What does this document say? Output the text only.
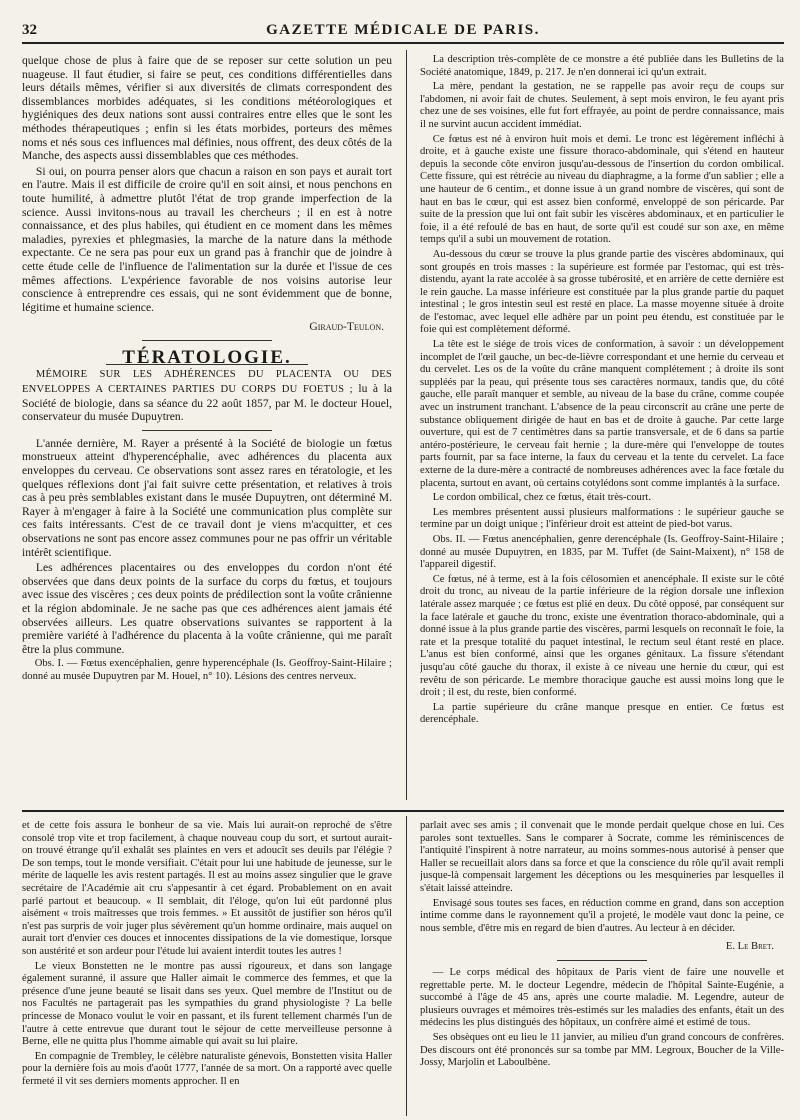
32	GAZETTE MÉDICALE DE PARIS.

quelque chose de plus à faire que de se reposer sur cette solution un peu nuageuse. Il faut étudier, si faire se peut, ces conditions différentielles dans leurs détails mêmes, vérifier si aux diversités de climats correspondent des dissemblances morbides adéquates, si les conditions météorologiques et hygiéniques des deux nations sont aussi contraires entre elles que le sont les méthodes thérapeutiques ; enfin si les états morbides, porteurs des mêmes noms et nés sous ces influences mal définies, nous offrent, des deux côtés de la Manche, des aspects aussi dissemblables que ces méthodes.

Si oui, on pourra penser alors que chacun a raison en son pays et aurait tort en l'autre. Mais il est difficile de croire qu'il en soit ainsi, et nous penchons en toute humilité, à admettre plutôt l'état de trop grande imperfection de la science. Aussi invitons-nous au travail les chercheurs ; il en est à notre connaissance, et des plus habiles, qui étudient en ce moment dans les mêmes maladies, pyrexies et phlegmasies, la marche de la nature dans la méthode expectante. Ce ne sera pas pour eux un grand pas à franchir que de joindre à cette étude celle de l'influence de l'alimentation sur la durée et l'issue de ces mêmes affections. L'expérience favorable de nos voisins autorise leur conscience à entreprendre ces essais, qui ne sont évidemment que de bonne, légitime et humaine science.

Giraud-Teulon.

TÉRATOLOGIE.

MÉMOIRE SUR LES ADHÉRENCES DU PLACENTA OU DES ENVELOPPES A CERTAINES PARTIES DU CORPS DU FOETUS ; lu à la Société de biologie, dans sa séance du 22 août 1857, par M. le docteur Houel, conservateur du musée Dupuytren.

L'année dernière, M. Rayer a présenté à la Société de biologie un fœtus monstrueux atteint d'hyperencéphalie, avec adhérences du placenta aux enveloppes du cerveau. Ce observations sont assez rares en tératologie, et les quelques réflexions dont j'ai fait suivre cette présentation, et relatives à trois cas à peu près semblables existant dans le musée Dupuytren, ont déterminé M. Rayer à m'engager à faire à la Société une communication plus complète sur ces faits intéressants. C'est de ce travail dont je viens m'acquitter, et ces observations ne sont pas encore assez communes pour ne pas offrir un véritable intérêt scientifique.

Les adhérences placentaires ou des enveloppes du cordon n'ont été observées que dans deux points de la surface du corps du fœtus, et toujours avec issue des viscères ; ces deux points de prédilection sont la voûte crânienne et la région abdominale. Je ne sache pas que ces adhérences aient jamais été observées ailleurs. Les quatre observations suivantes se rapportent à la première variété à l'adhérence du placenta à la voûte crânienne, qui me paraît être la plus commune.

Obs. I. — Fœtus exencéphalien, genre hyperencéphale (Is. Geoffroy-Saint-Hilaire ; donné au musée Dupuytren par M. Houel, n° 10). Lésions des centres nerveux.

La description très-complète de ce monstre a été publiée dans les Bulletins de la Société anatomique, 1849, p. 217. Je n'en donnerai ici qu'un extrait.

La mère, pendant la gestation, ne se rappelle pas avoir reçu de coups sur l'abdomen, ni avoir fait de chutes. Seulement, à sept mois environ, le feu ayant pris chez une de ses voisines, elle fut fort effrayée, au point de perdre connaissance, mais il ne survint aucun accident immédiat.

Ce fœtus est né à environ huit mois et demi. Le tronc est légèrement infléchi à droite, et à gauche existe une fissure thoraco-abdominale, qui s'étend en hauteur depuis la seconde côte environ jusqu'au-dessous de l'insertion du cordon ombilical. Cette fissure, qui est rétrécie au niveau du diaphragme, a la forme d'un sablier ; elle a une hauteur de 6 centim., et donne issue à un grand nombre de viscères, qui sont de haut en bas le cœur, qui est assez bien conformé, enveloppé de son péricarde. Par suite de la pression que lui ont fait subir les viscères abdominaux, et en particulier le foie, il a été refoulé de bas en haut, de sorte qu'il est coudé sur son axe, en même temps qu'il a subi un mouvement de rotation.

Au-dessous du cœur se trouve la plus grande partie des viscères abdominaux, qui sont groupés en trois masses : la supérieure est formée par l'estomac, qui est très-distendu, ayant la rate accolée à sa grosse tubérosité, et en arrière de cette dernière est le rein gauche. La masse inférieure est constituée par la plus grande partie du paquet intestinal ; le gros intestin seul est resté en place. La masse moyenne située à droite de l'estomac, avec lequel elle adhère par un point peu étendu, est constituée par le foie qui est complètement déformé.

La tête est le siége de trois vices de conformation, à savoir : un développement incomplet de l'œil gauche, un bec-de-lièvre correspondant et une hernie du cerveau et du cervelet. Les os de la voûte du crâne manquent complétement ; à droite ils sont suppléés par la peau, qui présente tous ses caractères normaux, tandis que, du côté gauche, elle paraît manquer et semble, au niveau de la base du crâne, comme coupée avec un instrument tranchant. L'absence de la peau circonscrit au crâne une perte de substance obliquement dirigée de haut en bas et de droite à gauche. Par cette large ouverture, qui est de 7 centimètres dans sa partie transversale, et de 6 dans sa partie antéro-postérieure, le cerveau fait hernie ; la dure-mère qui l'enveloppe de toutes parts fournit, par sa face interne, la faux du cerveau et la tente du cervelet. La face externe de la dure-mère a contracté de nombreuses adhérences avec la face fœtale du placenta, surtout en avant, où certains cotylédons sont comme implantés à la surface.

Le cordon ombilical, chez ce fœtus, était très-court.

Les membres présentent aussi plusieurs malformations : le supérieur gauche se termine par un doigt unique ; l'inférieur droit est atteint de pied-bot varus.

Obs. II. — Fœtus anencéphalien, genre derencéphale (Is. Geoffroy-Saint-Hilaire ; donné au musée Dupuytren, en 1835, par M. Tuffet (de Saint-Maixent), n° 158 de l'appareil digestif.

Ce fœtus, né à terme, est à la fois célosomien et anencéphale. Il existe sur le côté droit du tronc, au niveau de la partie inférieure de la région dorsale une inflexion latérale assez marquée ; ce fœtus est plié en deux. Du côté opposé, par conséquent sur la face latérale et gauche du tronc, existe une éventration thoraco-abdominale, qui a donné issue à la plus grande partie des viscères, parmi lesquels on reconnaît le foie, la rate et la presque totalité du paquet intestinal, le rectum seul étant resté en place. L'anus est bien conformé, ainsi que les organes génitaux. La fissure s'étendant jusqu'au côté gauche du thorax, il existe à ce niveau une hernie du cœur, qui est revêtu de son péricarde. Le membre thoracique gauche est aussi moins long que le droit ; il est, du reste, bien conformé.

La partie supérieure du crâne manque presque en entier. Ce fœtus est derencéphale.

et de cette fois assura le bonheur de sa vie. Mais lui aurait-on reproché de s'être consolé trop vite et trop facilement, à chaque nouveau coup du sort, et surtout aurait-on trouvé étrange qu'il exhalât ses plaintes en vers et adoucît ses deuils par l'élégie ? De son temps, tout le monde versifiait. C'était pour lui une habitude de jeunesse, sur le mérite de laquelle les avis restent partagés. Il est au moins assez singulier que le grave secrétaire de l'Académie ait cru s'appesantir à cet égard. Probablement on en avait parlé partout et beaucoup. « Il semblait, dit l'éloge, qu'on lui eût pardonné plus aisément « trois maîtresses que trois femmes. » Et aussitôt de justifier son héros qu'il n'est pas surpris de voir juger plus sévèrement qu'un homme ordinaire, mais auquel on aurait tort d'envier ces douces et innocentes dissipations de la vie domestique, lorsque son austérité et son ardeur pour l'étude lui avaient interdit toutes les autres !

Le vieux Bonstetten ne le montre pas aussi rigoureux, et dans son langage également suranné, il assure que Haller aimait le commerce des femmes, et que la présence d'une jeune beauté se lisait dans ses yeux. Quel membre de l'Institut ou de nos Facultés ne partagerait pas les sympathies du grand physiologiste ? La belle princesse de Monaco voulut le voir en passant, et ils furent tellement charmés l'un de l'autre à cette entrevue que durant tout le séjour de cette merveilleuse personne à Berne, elle ne quitta plus l'homme aimable qui avait su lui plaire.

En compagnie de Trembley, le célèbre naturaliste génevois, Bonstetten visita Haller pour la dernière fois au mois d'août 1777, l'année de sa mort. On a rapporté avec quelle fermeté il vit ses derniers moments approcher. Il en

parlait avec ses amis ; il convenait que le monde perdait quelque chose en lui. Ces paroles sont textuelles. Sans le comparer à Socrate, comme les réminiscences de l'antiquité l'inspirent à notre narrateur, au moins sommes-nous autorisé à penser que Haller se recueillait alors dans sa force et que la conscience du rôle qu'il avait rempli jusque-là compensait largement les déceptions ou les mesquineries par lesquelles il s'était laissé atteindre.

Envisagé sous toutes ses faces, en réduction comme en grand, dans son acception intime comme dans le rayonnement qu'il a projeté, le modèle vaut donc la peine, ce nous semble, d'être mis en regard de bien d'autres. Au lecteur à en décider.

E. Le Bret.

— Le corps médical des hôpitaux de Paris vient de faire une nouvelle et regrettable perte. M. le docteur Legendre, médecin de l'hôpital Sainte-Eugénie, a succombé à l'âge de 45 ans, après une courte maladie. M. Legendre, auteur de plusieurs ouvrages et mémoires très-estimés sur les maladies des enfants, était un des médecins les plus distingués des hôpitaux, un confrère aimé et estimé de tous.

Ses obsèques ont eu lieu le 11 janvier, au milieu d'un grand concours de confrères. Des discours ont été prononcés sur sa tombe par MM. Legroux, Boucher de la Ville-Jossy, Marjolin et Laboulbène.
